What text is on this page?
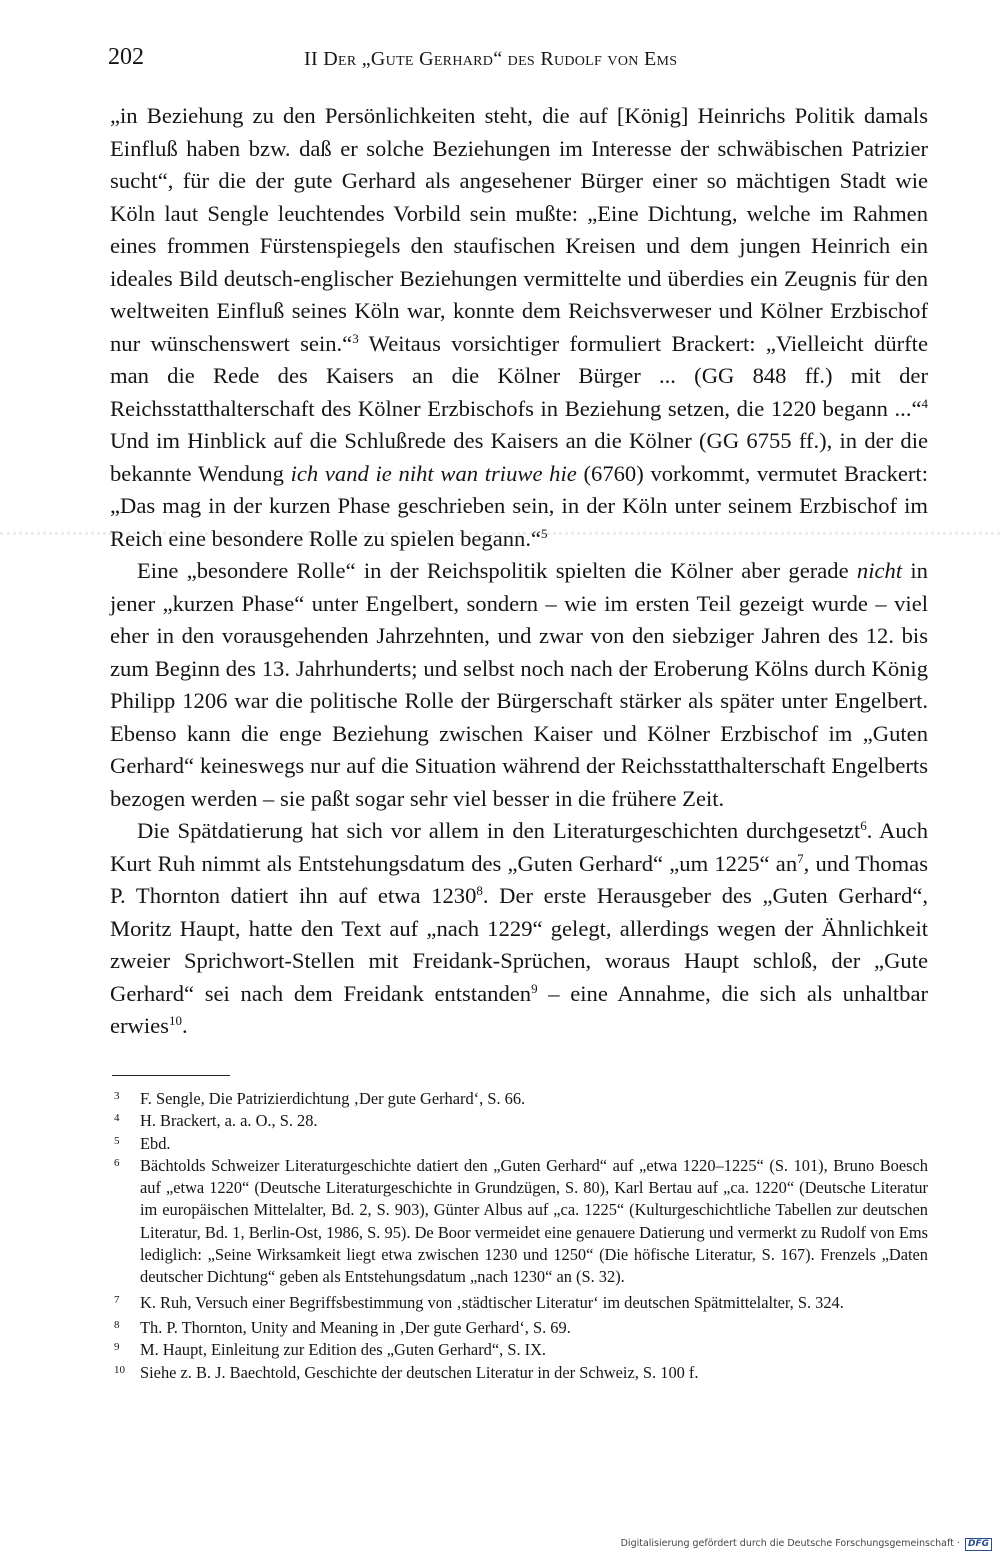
202	II Der „Gute Gerhard“ des Rudolf von Ems

„in Beziehung zu den Persönlichkeiten steht, die auf [König] Heinrichs Politik damals Einfluß haben bzw. daß er solche Beziehungen im Interesse der schwäbischen Patrizier sucht“, für die der gute Gerhard als angesehener Bürger einer so mächtigen Stadt wie Köln laut Sengle leuchtendes Vorbild sein mußte: „Eine Dichtung, welche im Rahmen eines frommen Fürstenspiegels den staufischen Kreisen und dem jungen Heinrich ein ideales Bild deutsch-englischer Beziehungen vermittelte und überdies ein Zeugnis für den weltweiten Einfluß seines Köln war, konnte dem Reichsverweser und Kölner Erzbischof nur wünschenswert sein.“$^3$ Weitaus vorsichtiger formuliert Brackert: „Vielleicht dürfte man die Rede des Kaisers an die Kölner Bürger ... (GG 848 ff.) mit der Reichsstatthalterschaft des Kölner Erzbischofs in Beziehung setzen, die 1220 begann ...“$^4$ Und im Hinblick auf die Schlußrede des Kaisers an die Kölner (GG 6755 ff.), in der die bekannte Wendung ich vand ie niht wan triuwe hie (6760) vorkommt, vermutet Brackert: „Das mag in der kurzen Phase geschrieben sein, in der Köln unter seinem Erzbischof im Reich eine besondere Rolle zu spielen begann.“$^5$

Eine „besondere Rolle“ in der Reichspolitik spielten die Kölner aber gerade nicht in jener „kurzen Phase“ unter Engelbert, sondern – wie im ersten Teil gezeigt wurde – viel eher in den vorausgehenden Jahrzehnten, und zwar von den siebziger Jahren des 12. bis zum Beginn des 13. Jahrhunderts; und selbst noch nach der Eroberung Kölns durch König Philipp 1206 war die politische Rolle der Bürgerschaft stärker als später unter Engelbert. Ebenso kann die enge Beziehung zwischen Kaiser und Kölner Erzbischof im „Guten Gerhard“ keineswegs nur auf die Situation während der Reichsstatthalterschaft Engelberts bezogen werden – sie paßt sogar sehr viel besser in die frühere Zeit.

Die Spätdatierung hat sich vor allem in den Literaturgeschichten durchgesetzt$^6$. Auch Kurt Ruh nimmt als Entstehungsdatum des „Guten Gerhard“ „um 1225“ $an^7$, und Thomas P. Thornton datiert ihn auf etwa 1230$^8$. Der erste Herausgeber des „Guten Gerhard“, Moritz Haupt, hatte den Text auf „nach 1229“ gelegt, allerdings wegen der Ähnlichkeit zweier Sprichwort-Stellen mit Freidank-Sprüchen, woraus Haupt schloß, der „Gute Gerhard“ sei nach dem Freidank entstanden$^9$ – eine Annahme, die sich als unhaltbar erwies$^{10}$.

3 F. Sengle, Die Patrizierdichtung ‚Der gute Gerhard‘, S. 66.
4 H. Brackert, a. a. O., S. 28.
5 Ebd.
6 Bächtolds Schweizer Literaturgeschichte datiert den „Guten Gerhard“ auf „etwa 1220–1225“ (S. 101), Bruno Boesch auf „etwa 1220“ (Deutsche Literaturgeschichte in Grundzügen, S. 80), Karl Bertau auf „ca. 1220“ (Deutsche Literatur im europäischen Mittelalter, Bd. 2, S. 903), Günter Albus auf „ca. 1225“ (Kulturgeschichtliche Tabellen zur deutschen Literatur, Bd. 1, Berlin-Ost, 1986, S. 95). De Boor vermeidet eine genauere Datierung und vermerkt zu Rudolf von Ems lediglich: „Seine Wirksamkeit liegt etwa zwischen 1230 und 1250“ (Die höfische Literatur, S. 167). Frenzels „Daten deutscher Dichtung“ geben als Entstehungsdatum „nach 1230“ an (S. 32).
7 K. Ruh, Versuch einer Begriffsbestimmung von ‚städtischer Literatur‘ im deutschen Spätmittelalter, S. 324.
8 Th. P. Thornton, Unity and Meaning in ‚Der gute Gerhard‘, S. 69.
9 M. Haupt, Einleitung zur Edition des „Guten Gerhard“, S. IX.
10 Siehe z. B. J. Baechtold, Geschichte der deutschen Literatur in der Schweiz, S. 100 f.
Digitalisierung gefördert durch die Deutsche Forschungsgemeinschaft · DFG
